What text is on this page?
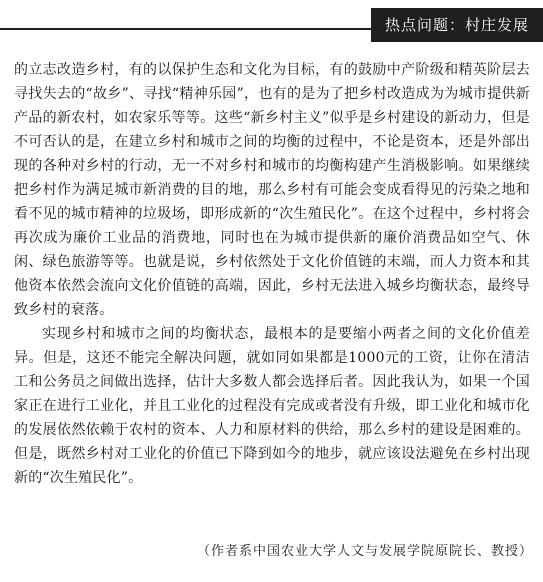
热点问题：村庄发展

的立志改造乡村，有的以保护生态和文化为目标，有的鼓励中产阶级和精英阶层去寻找失去的“故乡”、寻找“精神乐园”，也有的是为了把乡村改造成为为城市提供新产品的新农村，如农家乐等等。这些“新乡村主义”似乎是乡村建设的新动力，但是不可否认的是，在建立乡村和城市之间的均衡的过程中，不论是资本，还是外部出现的各种对乡村的行动，无一不对乡村和城市的均衡构建产生消极影响。如果继续把乡村作为满足城市新消费的目的地，那么乡村有可能会变成看得见的污染之地和看不见的城市精神的垃圾场，即形成新的“次生殖民化”。在这个过程中，乡村将会再次成为廉价工业品的消费地，同时也在为城市提供新的廉价消费品如空气、休闲、绿色旅游等等。也就是说，乡村依然处于文化价值链的末端，而人力资本和其他资本依然会流向文化价值链的高端，因此，乡村无法进入城乡均衡状态，最终导致乡村的衰落。

实现乡村和城市之间的均衡状态，最根本的是要缩小两者之间的文化价值差异。但是，这还不能完全解决问题，就如同如果都是1000元的工资，让你在清洁工和公务员之间做出选择，估计大多数人都会选择后者。因此我认为，如果一个国家正在进行工业化，并且工业化的过程没有完成或者没有升级，即工业化和城市化的发展依然依赖于农村的资本、人力和原材料的供给，那么乡村的建设是困难的。但是，既然乡村对工业化的价值已下降到如今的地步，就应该设法避免在乡村出现新的“次生殖民化”。

（作者系中国农业大学人文与发展学院原院长、教授）
